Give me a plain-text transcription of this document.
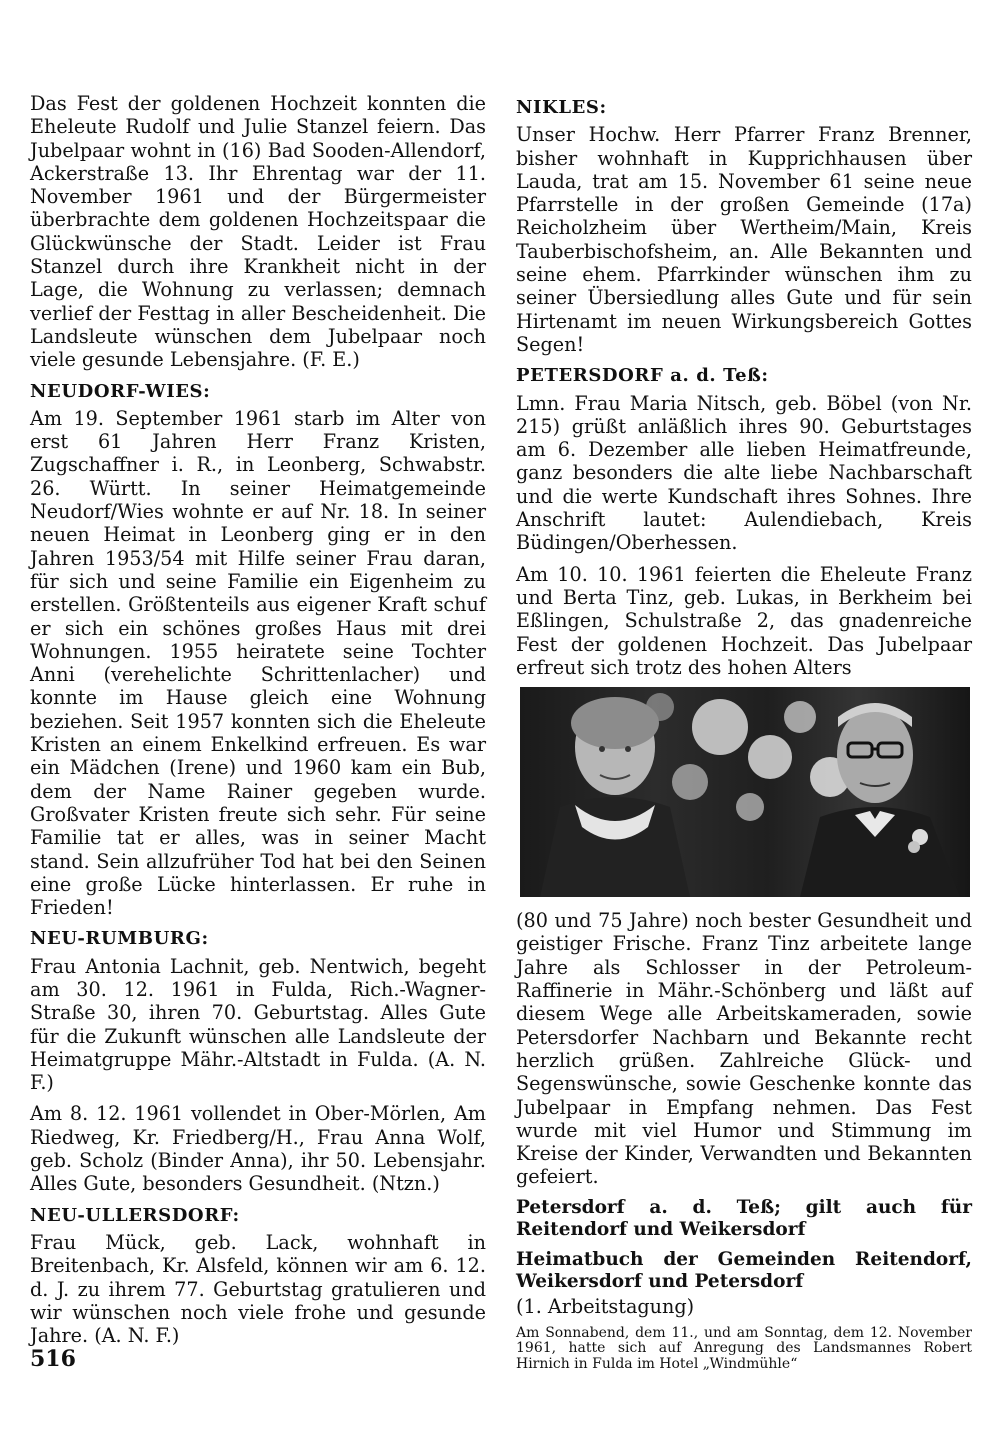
Das Fest der goldenen Hochzeit konnten die Eheleute Rudolf und Julie Stanzel feiern. Das Jubelpaar wohnt in (16) Bad Sooden-Allendorf, Ackerstraße 13. Ihr Ehrentag war der 11. November 1961 und der Bürgermeister überbrachte dem goldenen Hochzeitspaar die Glückwünsche der Stadt. Leider ist Frau Stanzel durch ihre Krankheit nicht in der Lage, die Wohnung zu verlassen; demnach verlief der Festtag in aller Bescheidenheit. Die Landsleute wünschen dem Jubelpaar noch viele gesunde Lebensjahre. (F. E.)

NEUDORF-WIES:

Am 19. September 1961 starb im Alter von erst 61 Jahren Herr Franz Kristen, Zugschaffner i. R., in Leonberg, Schwabstr. 26. Württ. In seiner Heimatgemeinde Neudorf/Wies wohnte er auf Nr. 18. In seiner neuen Heimat in Leonberg ging er in den Jahren 1953/54 mit Hilfe seiner Frau daran, für sich und seine Familie ein Eigenheim zu erstellen. Größtenteils aus eigener Kraft schuf er sich ein schönes großes Haus mit drei Wohnungen. 1955 heiratete seine Tochter Anni (verehelichte Schrittenlacher) und konnte im Hause gleich eine Wohnung beziehen. Seit 1957 konnten sich die Eheleute Kristen an einem Enkelkind erfreuen. Es war ein Mädchen (Irene) und 1960 kam ein Bub, dem der Name Rainer gegeben wurde. Großvater Kristen freute sich sehr. Für seine Familie tat er alles, was in seiner Macht stand. Sein allzufrüher Tod hat bei den Seinen eine große Lücke hinterlassen. Er ruhe in Frieden!

NEU-RUMBURG:

Frau Antonia Lachnit, geb. Nentwich, begeht am 30. 12. 1961 in Fulda, Rich.-Wagner-Straße 30, ihren 70. Geburtstag. Alles Gute für die Zukunft wünschen alle Landsleute der Heimatgruppe Mähr.-Altstadt in Fulda. (A. N. F.)

Am 8. 12. 1961 vollendet in Ober-Mörlen, Am Riedweg, Kr. Friedberg/H., Frau Anna Wolf, geb. Scholz (Binder Anna), ihr 50. Lebensjahr. Alles Gute, besonders Gesundheit. (Ntzn.)

NEU-ULLERSDORF:

Frau Mück, geb. Lack, wohnhaft in Breitenbach, Kr. Alsfeld, können wir am 6. 12. d. J. zu ihrem 77. Geburtstag gratulieren und wir wünschen noch viele frohe und gesunde Jahre. (A. N. F.)

NIKLES:

Unser Hochw. Herr Pfarrer Franz Brenner, bisher wohnhaft in Kupprichhausen über Lauda, trat am 15. November 61 seine neue Pfarrstelle in der großen Gemeinde (17a) Reicholzheim über Wertheim/Main, Kreis Tauberbischofsheim, an. Alle Bekannten und seine ehem. Pfarrkinder wünschen ihm zu seiner Übersiedlung alles Gute und für sein Hirtenamt im neuen Wirkungsbereich Gottes Segen!

PETERSDORF a. d. Teß:

Lmn. Frau Maria Nitsch, geb. Böbel (von Nr. 215) grüßt anläßlich ihres 90. Geburtstages am 6. Dezember alle lieben Heimatfreunde, ganz besonders die alte liebe Nachbarschaft und die werte Kundschaft ihres Sohnes. Ihre Anschrift lautet: Aulendiebach, Kreis Büdingen/Oberhessen.

Am 10. 10. 1961 feierten die Eheleute Franz und Berta Tinz, geb. Lukas, in Berkheim bei Eßlingen, Schulstraße 2, das gnadenreiche Fest der goldenen Hochzeit. Das Jubelpaar erfreut sich trotz des hohen Alters

(80 und 75 Jahre) noch bester Gesundheit und geistiger Frische. Franz Tinz arbeitete lange Jahre als Schlosser in der Petroleum-Raffinerie in Mähr.-Schönberg und läßt auf diesem Wege alle Arbeitskameraden, sowie Petersdorfer Nachbarn und Bekannte recht herzlich grüßen. Zahlreiche Glück- und Segenswünsche, sowie Geschenke konnte das Jubelpaar in Empfang nehmen. Das Fest wurde mit viel Humor und Stimmung im Kreise der Kinder, Verwandten und Bekannten gefeiert.

Petersdorf a. d. Teß; gilt auch für Reitendorf und Weikersdorf
Heimatbuch der Gemeinden Reitendorf, Weikersdorf und Petersdorf

(1. Arbeitstagung)

Am Sonnabend, dem 11., und am Sonntag, dem 12. November 1961, hatte sich auf Anregung des Landsmannes Robert Hirnich in Fulda im Hotel „Windmühle“

516
